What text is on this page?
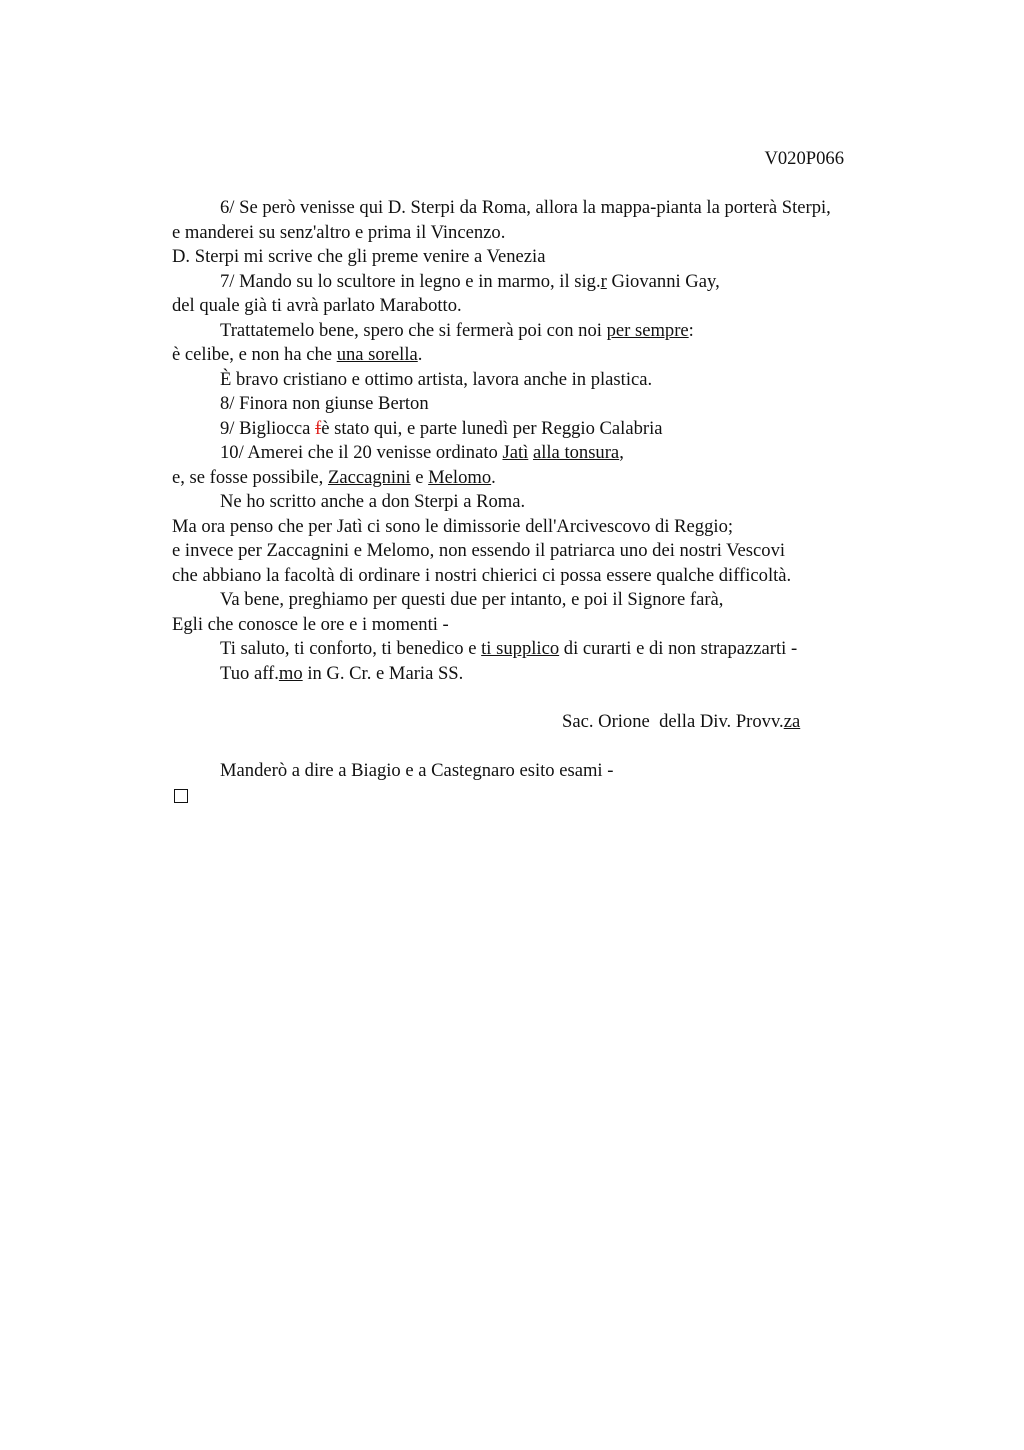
V020P066

6/ Se però venisse qui D. Sterpi da Roma, allora la mappa-pianta la porterà Sterpi,
e manderei su senz'altro e prima il Vincenzo.
D. Sterpi mi scrive che gli preme venire a Venezia
7/ Mando su lo scultore in legno e in marmo, il sig.r Giovanni Gay,
del quale già ti avrà parlato Marabotto.
Trattatemelo bene, spero che si fermerà poi con noi per sempre:
è celibe, e non ha che una sorella.
È bravo cristiano e ottimo artista, lavora anche in plastica.
8/ Finora non giunse Berton
9/ Bigliocca fè stato qui, e parte lunedì per Reggio Calabria
10/ Amerei che il 20 venisse ordinato Jatì alla tonsura,
e, se fosse possibile, Zaccagnini e Melomo.
Ne ho scritto anche a don Sterpi a Roma.
Ma ora penso che per Jatì ci sono le dimissorie dell'Arcivescovo di Reggio;
e invece per Zaccagnini e Melomo, non essendo il patriarca uno dei nostri Vescovi
che abbiano la facoltà di ordinare i nostri chierici ci possa essere qualche difficoltà.
Va bene, preghiamo per questi due per intanto, e poi il Signore farà,
Egli che conosce le ore e i momenti -
Ti saluto, ti conforto, ti benedico e ti supplico di curarti e di non strapazzarti -
Tuo aff.mo in G. Cr. e Maria SS.
Sac. Orione  della Div. Provv.za
Manderò a dire a Biagio e a Castegnaro esito esami -
